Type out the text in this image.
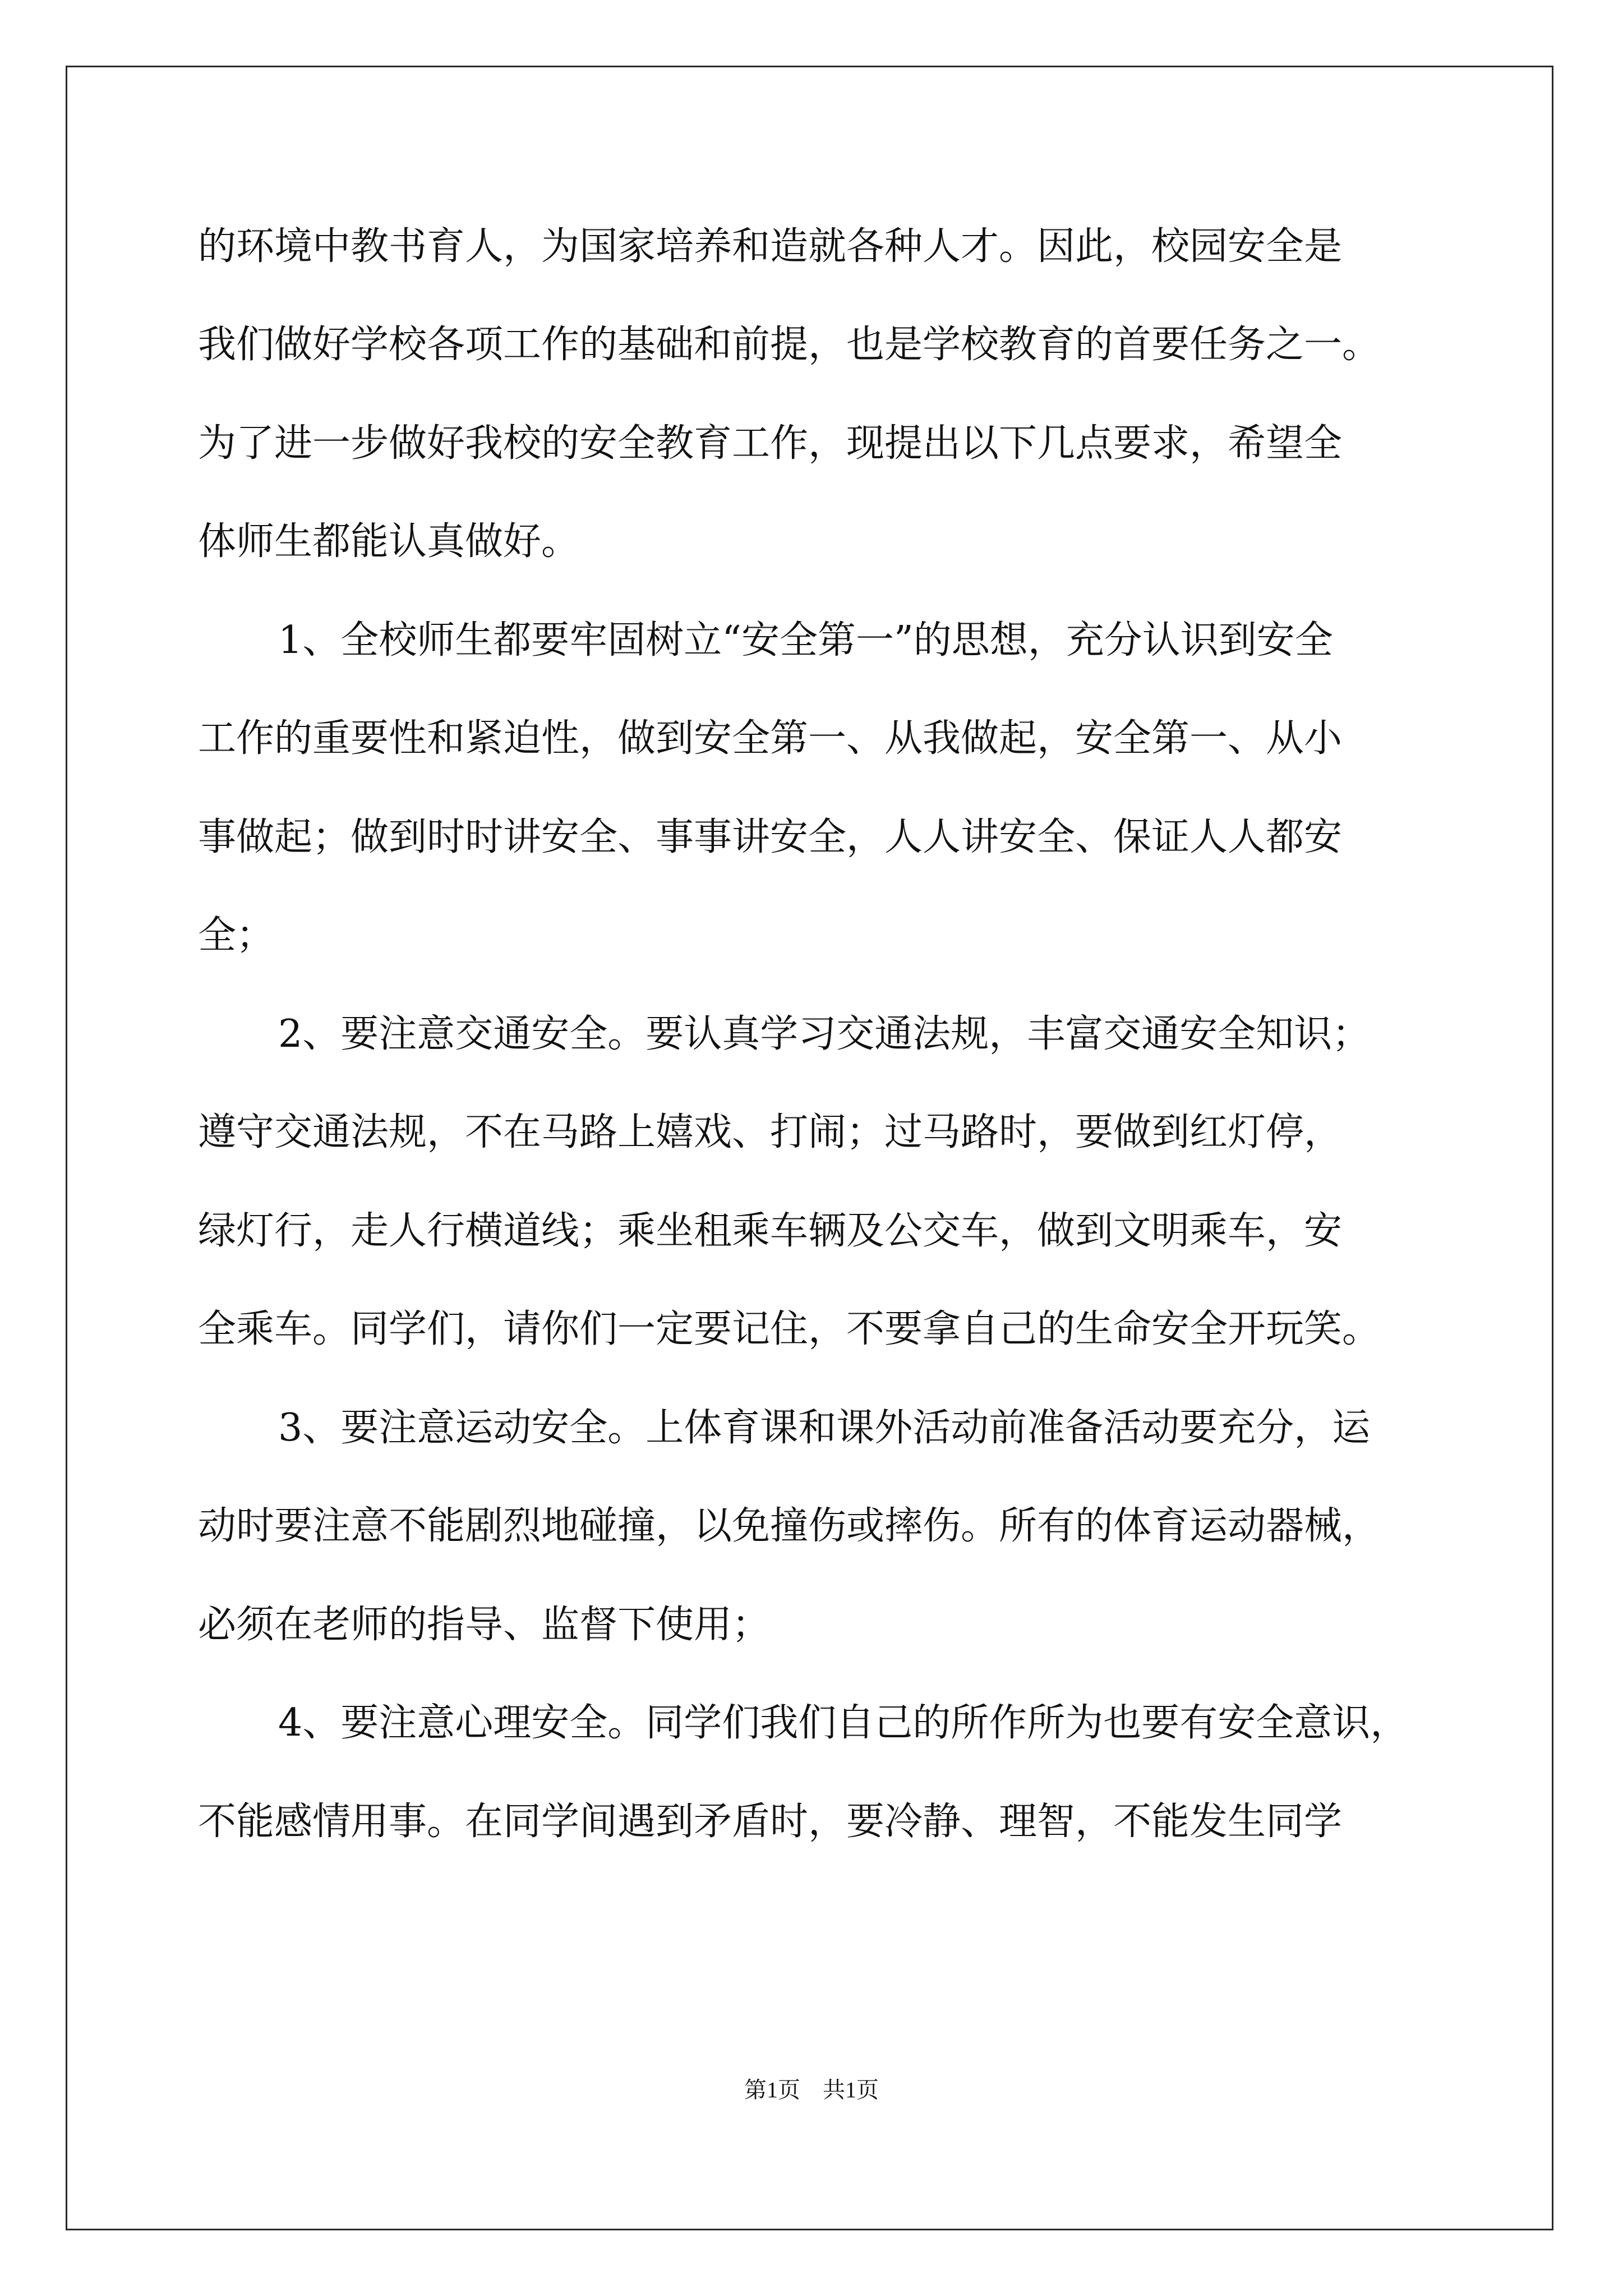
的环境中教书育人，为国家培养和造就各种人才。因此，校园安全是

我们做好学校各项工作的基础和前提，也是学校教育的首要任务之一。

为了进一步做好我校的安全教育工作，现提出以下几点要求，希望全

体师生都能认真做好。

1、全校师生都要牢固树立“安全第一”的思想，充分认识到安全

工作的重要性和紧迫性，做到安全第一、从我做起，安全第一、从小

事做起；做到时时讲安全、事事讲安全，人人讲安全、保证人人都安

全；

2、要注意交通安全。要认真学习交通法规，丰富交通安全知识；

遵守交通法规，不在马路上嬉戏、打闹；过马路时，要做到红灯停，

绿灯行，走人行横道线；乘坐租乘车辆及公交车，做到文明乘车，安

全乘车。同学们，请你们一定要记住，不要拿自己的生命安全开玩笑。

3、要注意运动安全。上体育课和课外活动前准备活动要充分，运

动时要注意不能剧烈地碰撞，以免撞伤或摔伤。所有的体育运动器械，

必须在老师的指导、监督下使用；

4、要注意心理安全。同学们我们自己的所作所为也要有安全意识，

不能感情用事。在同学间遇到矛盾时，要冷静、理智，不能发生同学

第1页　共1页
